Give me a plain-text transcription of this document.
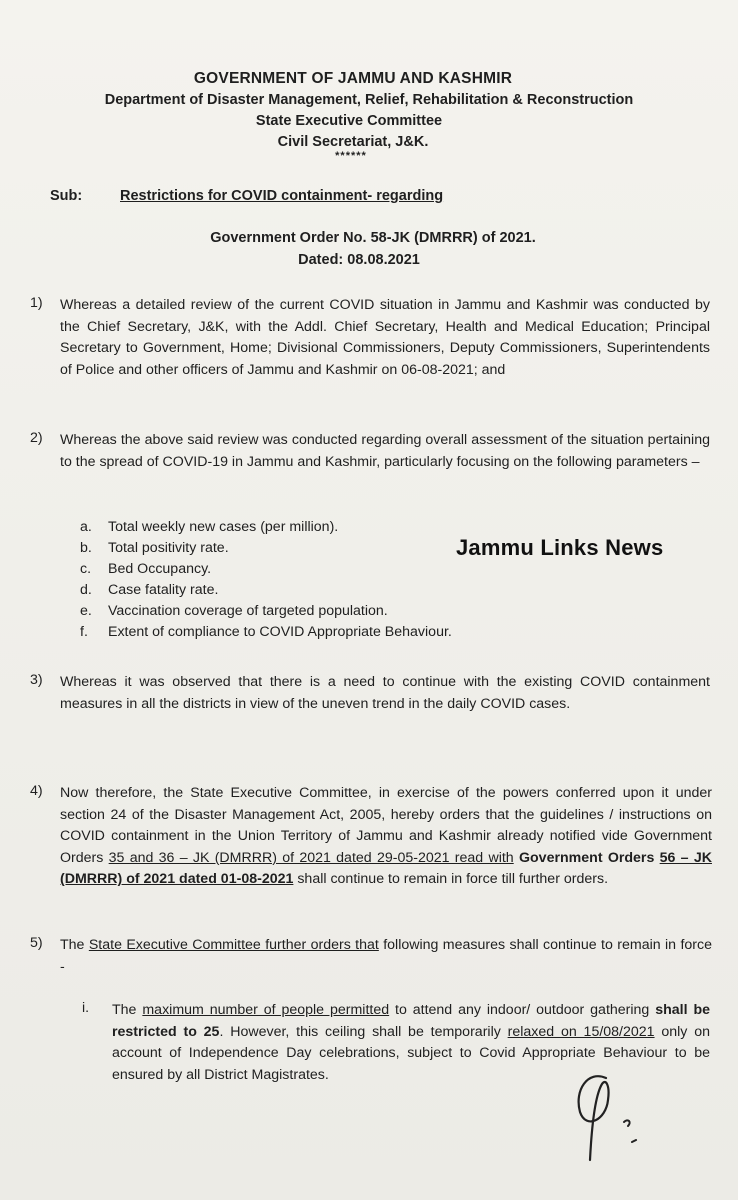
GOVERNMENT OF JAMMU AND KASHMIR
Department of Disaster Management, Relief, Rehabilitation & Reconstruction
State Executive Committee
Civil Secretariat, J&K.
******
Sub:	Restrictions for COVID containment- regarding
Government Order No. 58-JK (DMRRR) of 2021.
Dated: 08.08.2021
1) Whereas a detailed review of the current COVID situation in Jammu and Kashmir was conducted by the Chief Secretary, J&K, with the Addl. Chief Secretary, Health and Medical Education; Principal Secretary to Government, Home; Divisional Commissioners, Deputy Commissioners, Superintendents of Police and other officers of Jammu and Kashmir on 06-08-2021; and

2) Whereas the above said review was conducted regarding overall assessment of the situation pertaining to the spread of COVID-19 in Jammu and Kashmir, particularly focusing on the following parameters –

a. Total weekly new cases (per million).
b. Total positivity rate.
c. Bed Occupancy.
d. Case fatality rate.
e. Vaccination coverage of targeted population.
f. Extent of compliance to COVID Appropriate Behaviour.
Jammu Links News
3) Whereas it was observed that there is a need to continue with the existing COVID containment measures in all the districts in view of the uneven trend in the daily COVID cases.

4) Now therefore, the State Executive Committee, in exercise of the powers conferred upon it under section 24 of the Disaster Management Act, 2005, hereby orders that the guidelines / instructions on COVID containment in the Union Territory of Jammu and Kashmir already notified vide Government Orders 35 and 36 – JK (DMRRR) of 2021 dated 29-05-2021 read with Government Orders 56 – JK (DMRRR) of 2021 dated 01-08-2021 shall continue to remain in force till further orders.

5) The State Executive Committee further orders that following measures shall continue to remain in force -

i. The maximum number of people permitted to attend any indoor/ outdoor gathering shall be restricted to 25. However, this ceiling shall be temporarily relaxed on 15/08/2021 only on account of Independence Day celebrations, subject to Covid Appropriate Behaviour to be ensured by all District Magistrates.
